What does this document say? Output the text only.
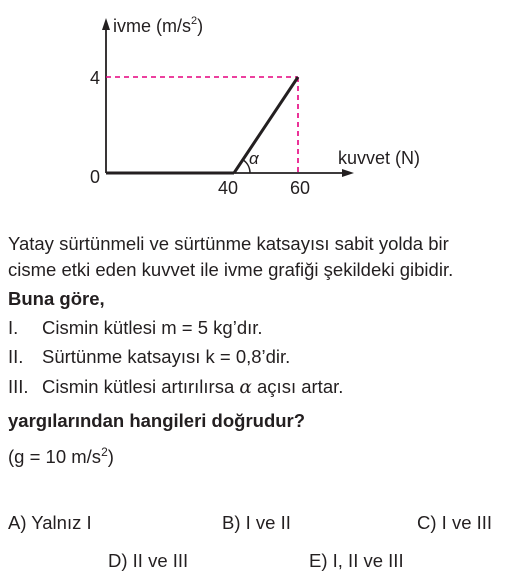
ivme $(m/s^2)$
kuvvet (N)
4
0
40	60
α
Yatay sürtünmeli ve sürtünme katsayısı sabit yolda bir
cisme etki eden kuvvet ile ivme grafiği şekildeki gibidir.
Buna göre,
I. Cismin kütlesi m = 5 kg’dır.
II. Sürtünme katsayısı k = 0,8’dir.
III. Cismin kütlesi artırılırsa α açısı artar.
yargılarından hangileri doğrudur?
(g = 10 $m/s^2$)
A) Yalnız I	B) I ve II	C) I ve III
D) II ve III	E) I, II ve III
